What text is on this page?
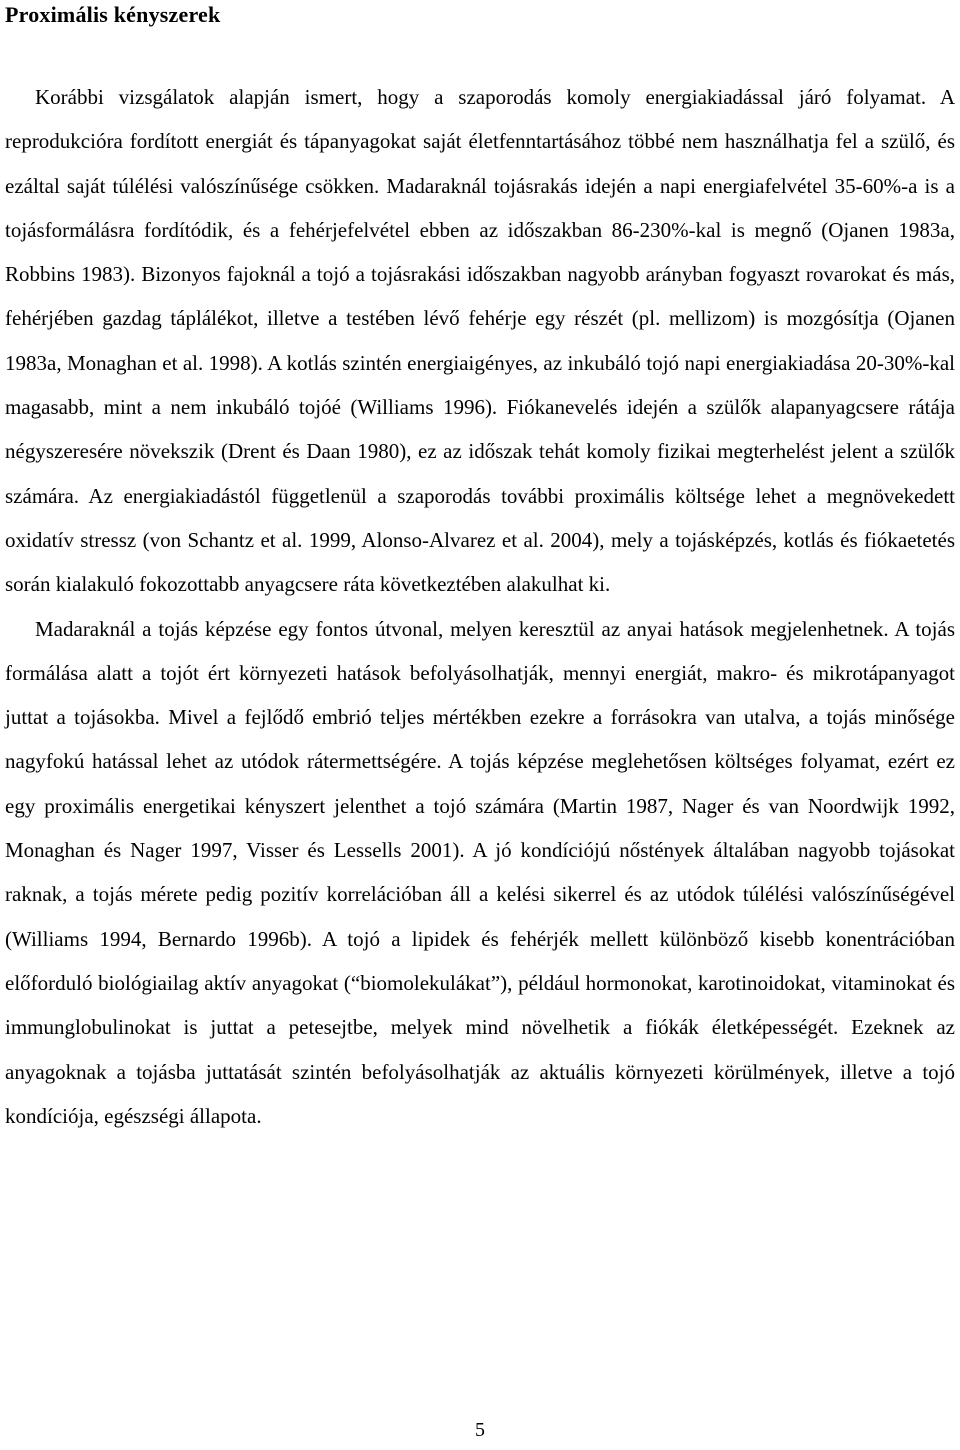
Proximális kényszerek

Korábbi vizsgálatok alapján ismert, hogy a szaporodás komoly energiakiadással járó folyamat. A reprodukcióra fordított energiát és tápanyagokat saját életfenntartásához többé nem használhatja fel a szülő, és ezáltal saját túlélési valószínűsége csökken. Madaraknál tojásrakás idején a napi energiafelvétel 35-60%-a is a tojásformálásra fordítódik, és a fehérjefelvétel ebben az időszakban 86-230%-kal is megnő (Ojanen 1983a, Robbins 1983). Bizonyos fajoknál a tojó a tojásrakási időszakban nagyobb arányban fogyaszt rovarokat és más, fehérjében gazdag táplálékot, illetve a testében lévő fehérje egy részét (pl. mellizom) is mozgósítja (Ojanen 1983a, Monaghan et al. 1998). A kotlás szintén energiaigényes, az inkubáló tojó napi energiakiadása 20-30%-kal magasabb, mint a nem inkubáló tojóé (Williams 1996). Fiókanevelés idején a szülők alapanyagcsere rátája négyszeresére növekszik (Drent és Daan 1980), ez az időszak tehát komoly fizikai megterhelést jelent a szülők számára. Az energiakiadástól függetlenül a szaporodás további proximális költsége lehet a megnövekedett oxidatív stressz (von Schantz et al. 1999, Alonso-Alvarez et al. 2004), mely a tojásképzés, kotlás és fiókaetetés során kialakuló fokozottabb anyagcsere ráta következtében alakulhat ki.

Madaraknál a tojás képzése egy fontos útvonal, melyen keresztül az anyai hatások megjelenhetnek. A tojás formálása alatt a tojót ért környezeti hatások befolyásolhatják, mennyi energiát, makro- és mikrotápanyagot juttat a tojásokba. Mivel a fejlődő embrió teljes mértékben ezekre a forrásokra van utalva, a tojás minősége nagyfokú hatással lehet az utódok rátermettségére. A tojás képzése meglehetősen költséges folyamat, ezért ez egy proximális energetikai kényszert jelenthet a tojó számára (Martin 1987, Nager és van Noordwijk 1992, Monaghan és Nager 1997, Visser és Lessells 2001). A jó kondíciójú nőstények általában nagyobb tojásokat raknak, a tojás mérete pedig pozitív korrelációban áll a kelési sikerrel és az utódok túlélési valószínűségével (Williams 1994, Bernardo 1996b). A tojó a lipidek és fehérjék mellett különböző kisebb konentrációban előforduló biológiailag aktív anyagokat (“biomolekulákat”), például hormonokat, karotinoidokat, vitaminokat és immunglobulinokat is juttat a petesejtbe, melyek mind növelhetik a fiókák életképességét. Ezeknek az anyagoknak a tojásba juttatását szintén befolyásolhatják az aktuális környezeti körülmények, illetve a tojó kondíciója, egészségi állapota.

5
